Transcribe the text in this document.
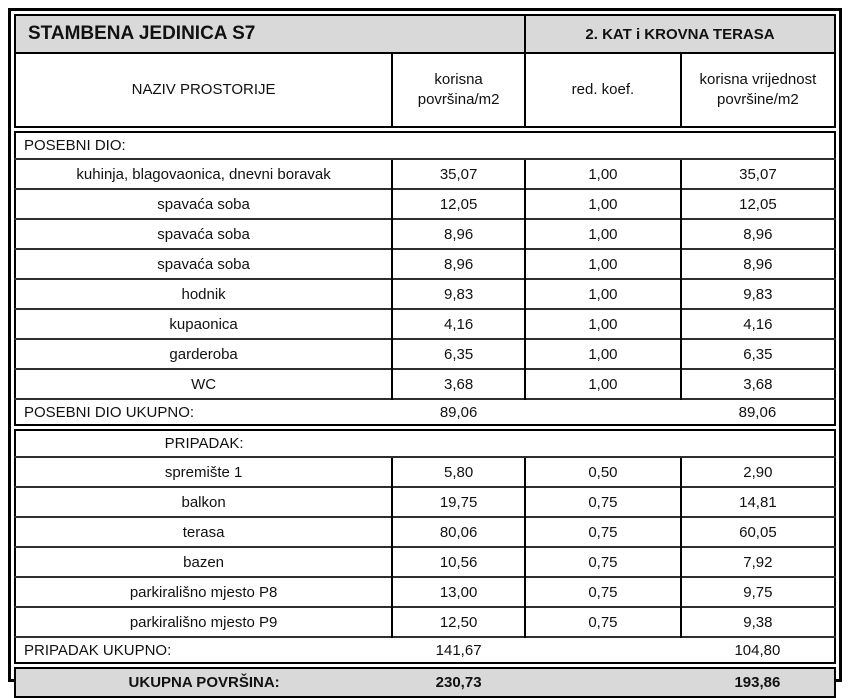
STAMBENA JEDINICA S7		2. KAT i KROVNA TERASA	
NAZIV PROSTORIJE	korisna površina/m2	red. koef.	korisna vrijednost površine/m2
POSEBNI DIO:			
kuhinja, blagovaonica, dnevni boravak	35,07	1,00	35,07
spavaća soba	12,05	1,00	12,05
spavaća soba	8,96	1,00	8,96
spavaća soba	8,96	1,00	8,96
hodnik	9,83	1,00	9,83
kupaonica	4,16	1,00	4,16
garderoba	6,35	1,00	6,35
WC	3,68	1,00	3,68
POSEBNI DIO UKUPNO:	89,06		89,06
PRIPADAK:			
spremište 1	5,80	0,50	2,90
balkon	19,75	0,75	14,81
terasa	80,06	0,75	60,05
bazen	10,56	0,75	7,92
parkirališno mjesto P8	13,00	0,75	9,75
parkirališno mjesto P9	12,50	0,75	9,38
PRIPADAK UKUPNO:	141,67		104,80
UKUPNA POVRŠINA:	230,73		193,86
